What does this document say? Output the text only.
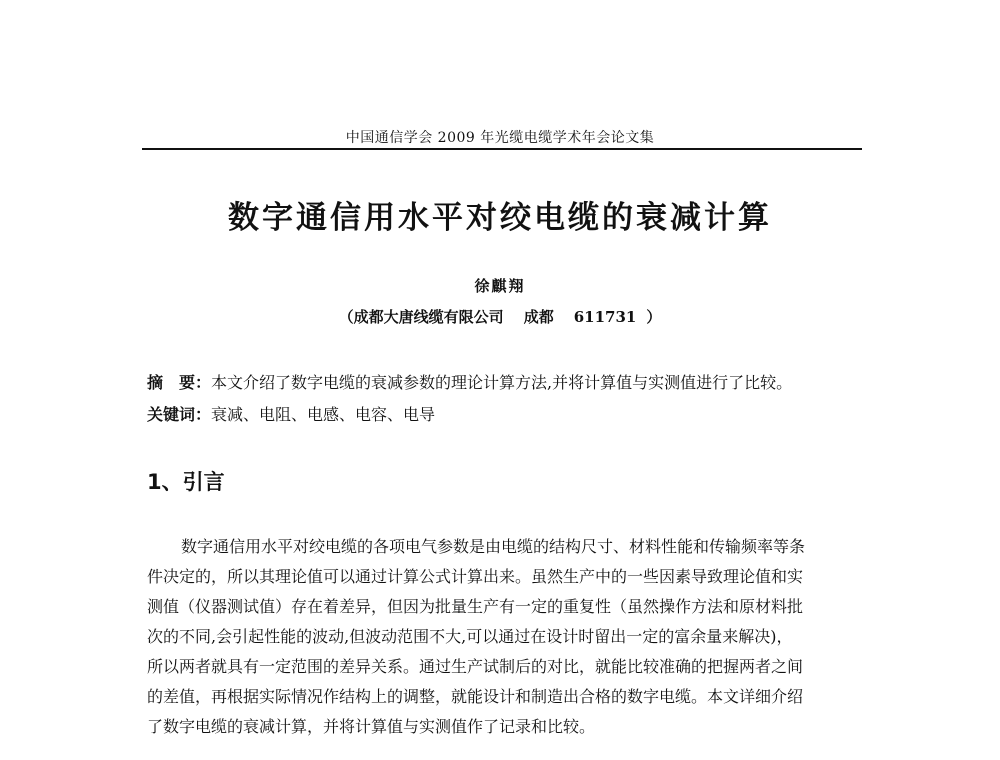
中国通信学会 2009 年光缆电缆学术年会论文集
数字通信用水平对绞电缆的衰减计算
徐麒翔
（成都大唐线缆有限公司 成都 611731 ）
摘　要：本文介绍了数字电缆的衰减参数的理论计算方法,并将计算值与实测值进行了比较。
关键词：衰减、电阻、电感、电容、电导
1、引言
数字通信用水平对绞电缆的各项电气参数是由电缆的结构尺寸、材料性能和传输频率等条
件决定的，所以其理论值可以通过计算公式计算出来。虽然生产中的一些因素导致理论值和实
测值（仪器测试值）存在着差异，但因为批量生产有一定的重复性（虽然操作方法和原材料批
次的不同,会引起性能的波动,但波动范围不大,可以通过在设计时留出一定的富余量来解决)，
所以两者就具有一定范围的差异关系。通过生产试制后的对比，就能比较准确的把握两者之间
的差值，再根据实际情况作结构上的调整，就能设计和制造出合格的数字电缆。本文详细介绍
了数字电缆的衰减计算，并将计算值与实测值作了记录和比较。
